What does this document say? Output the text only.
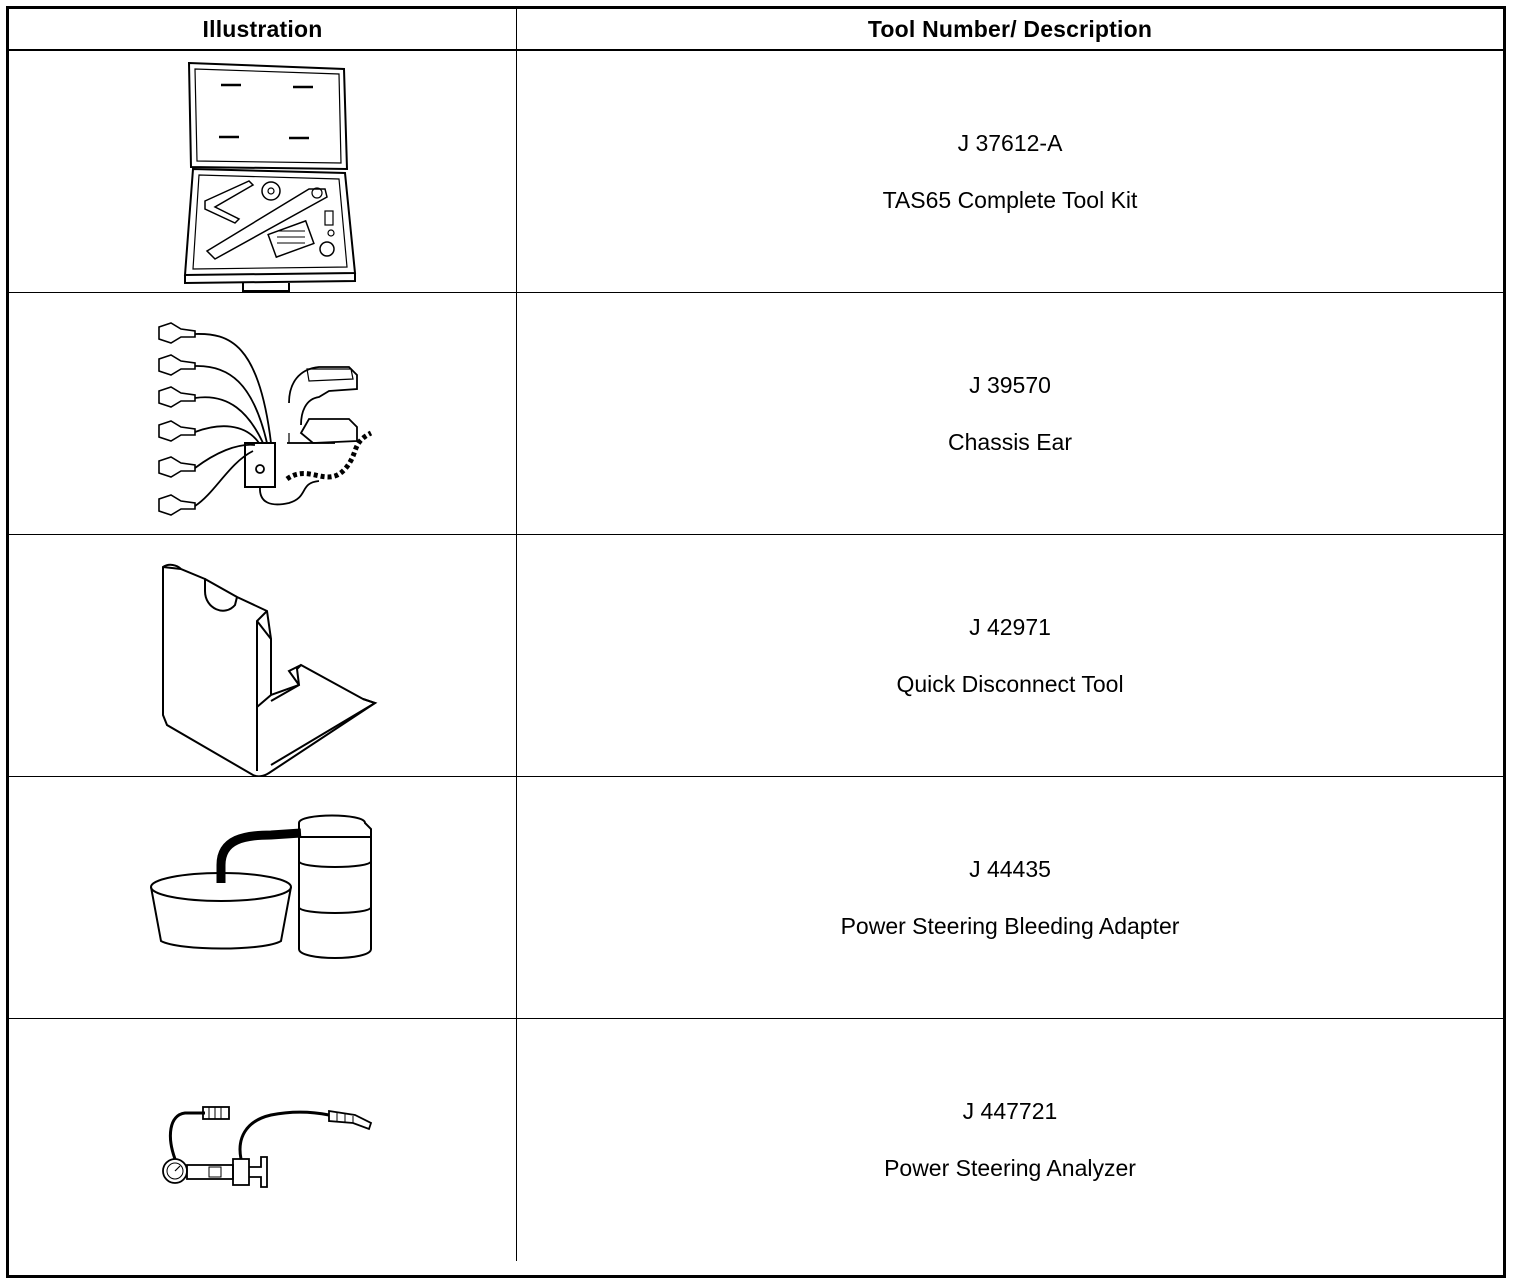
Illustration	Tool Number/ Description

J 37612-A

TAS65 Complete Tool Kit

J 39570

Chassis Ear

J 42971

Quick Disconnect Tool

J 44435

Power Steering Bleeding Adapter

J 447721

Power Steering Analyzer
